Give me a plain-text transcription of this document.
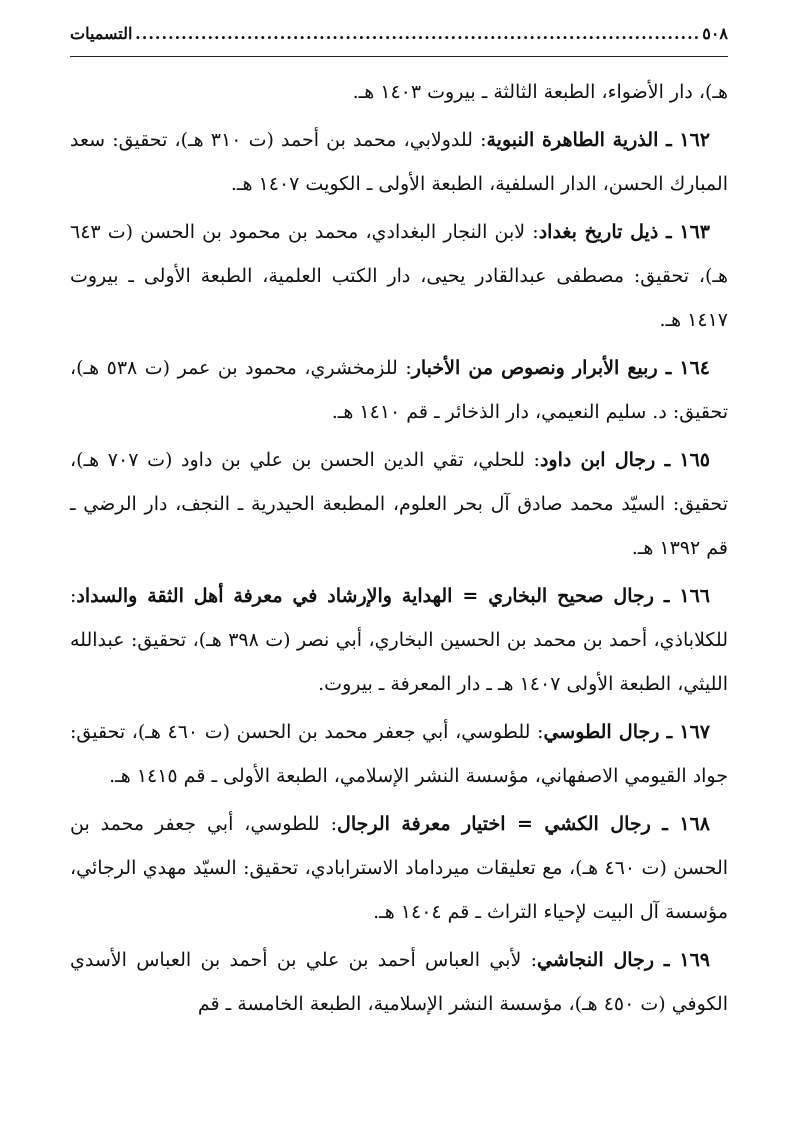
٥٠٨
.....
التسميات

هـ)، دار الأضواء، الطبعة الثالثة ـ بيروت ١٤٠٣ هـ.

١٦٢ ـ الذرية الطاهرة النبوية: للدولابي، محمد بن أحمد (ت ٣١٠ هـ)، تحقيق: سعد المبارك الحسن، الدار السلفية، الطبعة الأولى ـ الكويت ١٤٠٧ هـ.

١٦٣ ـ ذيل تاريخ بغداد: لابن النجار البغدادي، محمد بن محمود بن الحسن (ت ٦٤٣ هـ)، تحقيق: مصطفى عبدالقادر يحيى، دار الكتب العلمية، الطبعة الأولى ـ بيروت ١٤١٧ هـ.

١٦٤ ـ ربيع الأبرار ونصوص من الأخبار: للزمخشري، محمود بن عمر (ت ٥٣٨ هـ)، تحقيق: د. سليم النعيمي، دار الذخائر ـ قم ١٤١٠ هـ.

١٦٥ ـ رجال ابن داود: للحلي، تقي الدين الحسن بن علي بن داود (ت ٧٠٧ هـ)، تحقيق: السيّد محمد صادق آل بحر العلوم، المطبعة الحيدرية ـ النجف، دار الرضي ـ قم ١٣٩٢ هـ.

١٦٦ ـ رجال صحيح البخاري = الهداية والإرشاد في معرفة أهل الثقة والسداد: للكلاباذي، أحمد بن محمد بن الحسين البخاري، أبي نصر (ت ٣٩٨ هـ)، تحقيق: عبدالله الليثي، الطبعة الأولى ١٤٠٧ هـ ـ دار المعرفة ـ بيروت.

١٦٧ ـ رجال الطوسي: للطوسي، أبي جعفر محمد بن الحسن (ت ٤٦٠ هـ)، تحقيق: جواد القيومي الاصفهاني، مؤسسة النشر الإسلامي، الطبعة الأولى ـ قم ١٤١٥ هـ.

١٦٨ ـ رجال الكشي = اختيار معرفة الرجال: للطوسي، أبي جعفر محمد بن الحسن (ت ٤٦٠ هـ)، مع تعليقات ميرداماد الاسترابادي، تحقيق: السيّد مهدي الرجائي، مؤسسة آل البيت لإحياء التراث ـ قم ١٤٠٤ هـ.

١٦٩ ـ رجال النجاشي: لأبي العباس أحمد بن علي بن أحمد بن العباس الأسدي الكوفي (ت ٤٥٠ هـ)، مؤسسة النشر الإسلامية، الطبعة الخامسة ـ قم
